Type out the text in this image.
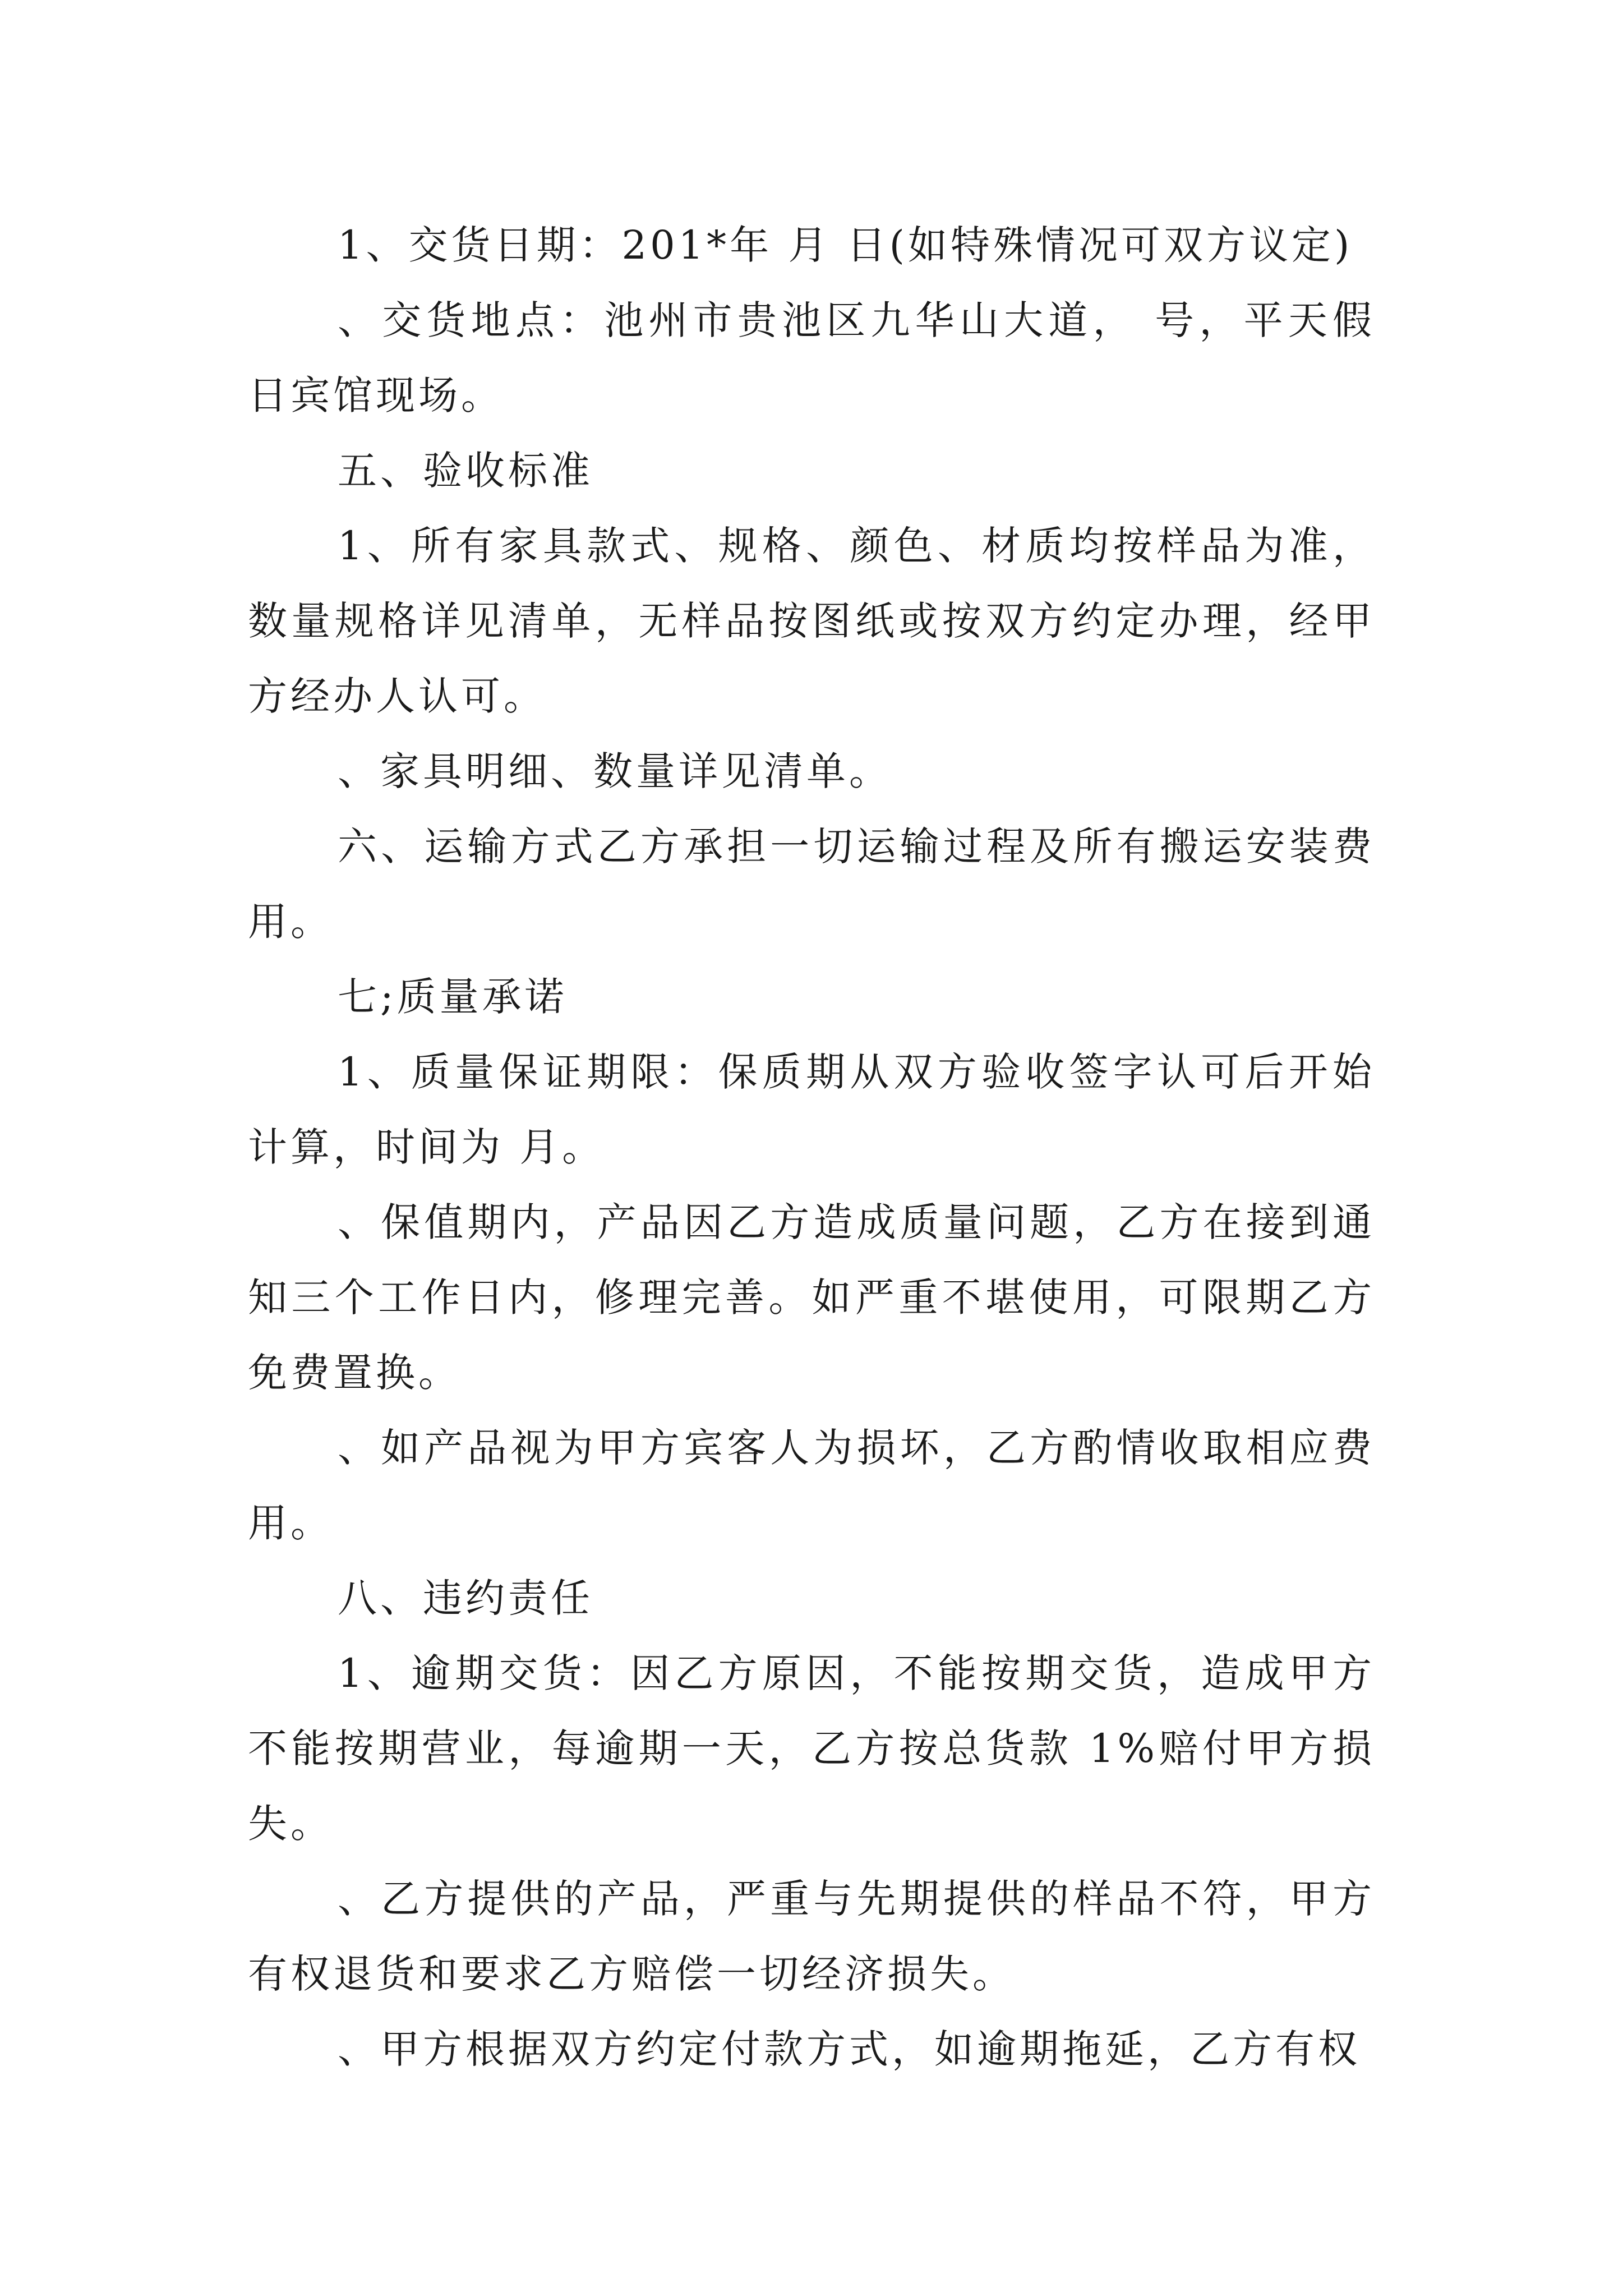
1、交货日期：201*年 月 日(如特殊情况可双方议定)

、交货地点：池州市贵池区九华山大道， 号，平天假日宾馆现场。

五、验收标准

1、所有家具款式、规格、颜色、材质均按样品为准，数量规格详见清单，无样品按图纸或按双方约定办理，经甲方经办人认可。

、家具明细、数量详见清单。

六、运输方式乙方承担一切运输过程及所有搬运安装费用。

七;质量承诺

1、质量保证期限：保质期从双方验收签字认可后开始计算，时间为 月。

、保值期内，产品因乙方造成质量问题，乙方在接到通知三个工作日内，修理完善。如严重不堪使用，可限期乙方免费置换。

、如产品视为甲方宾客人为损坏，乙方酌情收取相应费用。

八、违约责任

1、逾期交货：因乙方原因，不能按期交货，造成甲方不能按期营业，每逾期一天，乙方按总货款 1%赔付甲方损失。

、乙方提供的产品，严重与先期提供的样品不符，甲方有权退货和要求乙方赔偿一切经济损失。

、甲方根据双方约定付款方式，如逾期拖延，乙方有权
